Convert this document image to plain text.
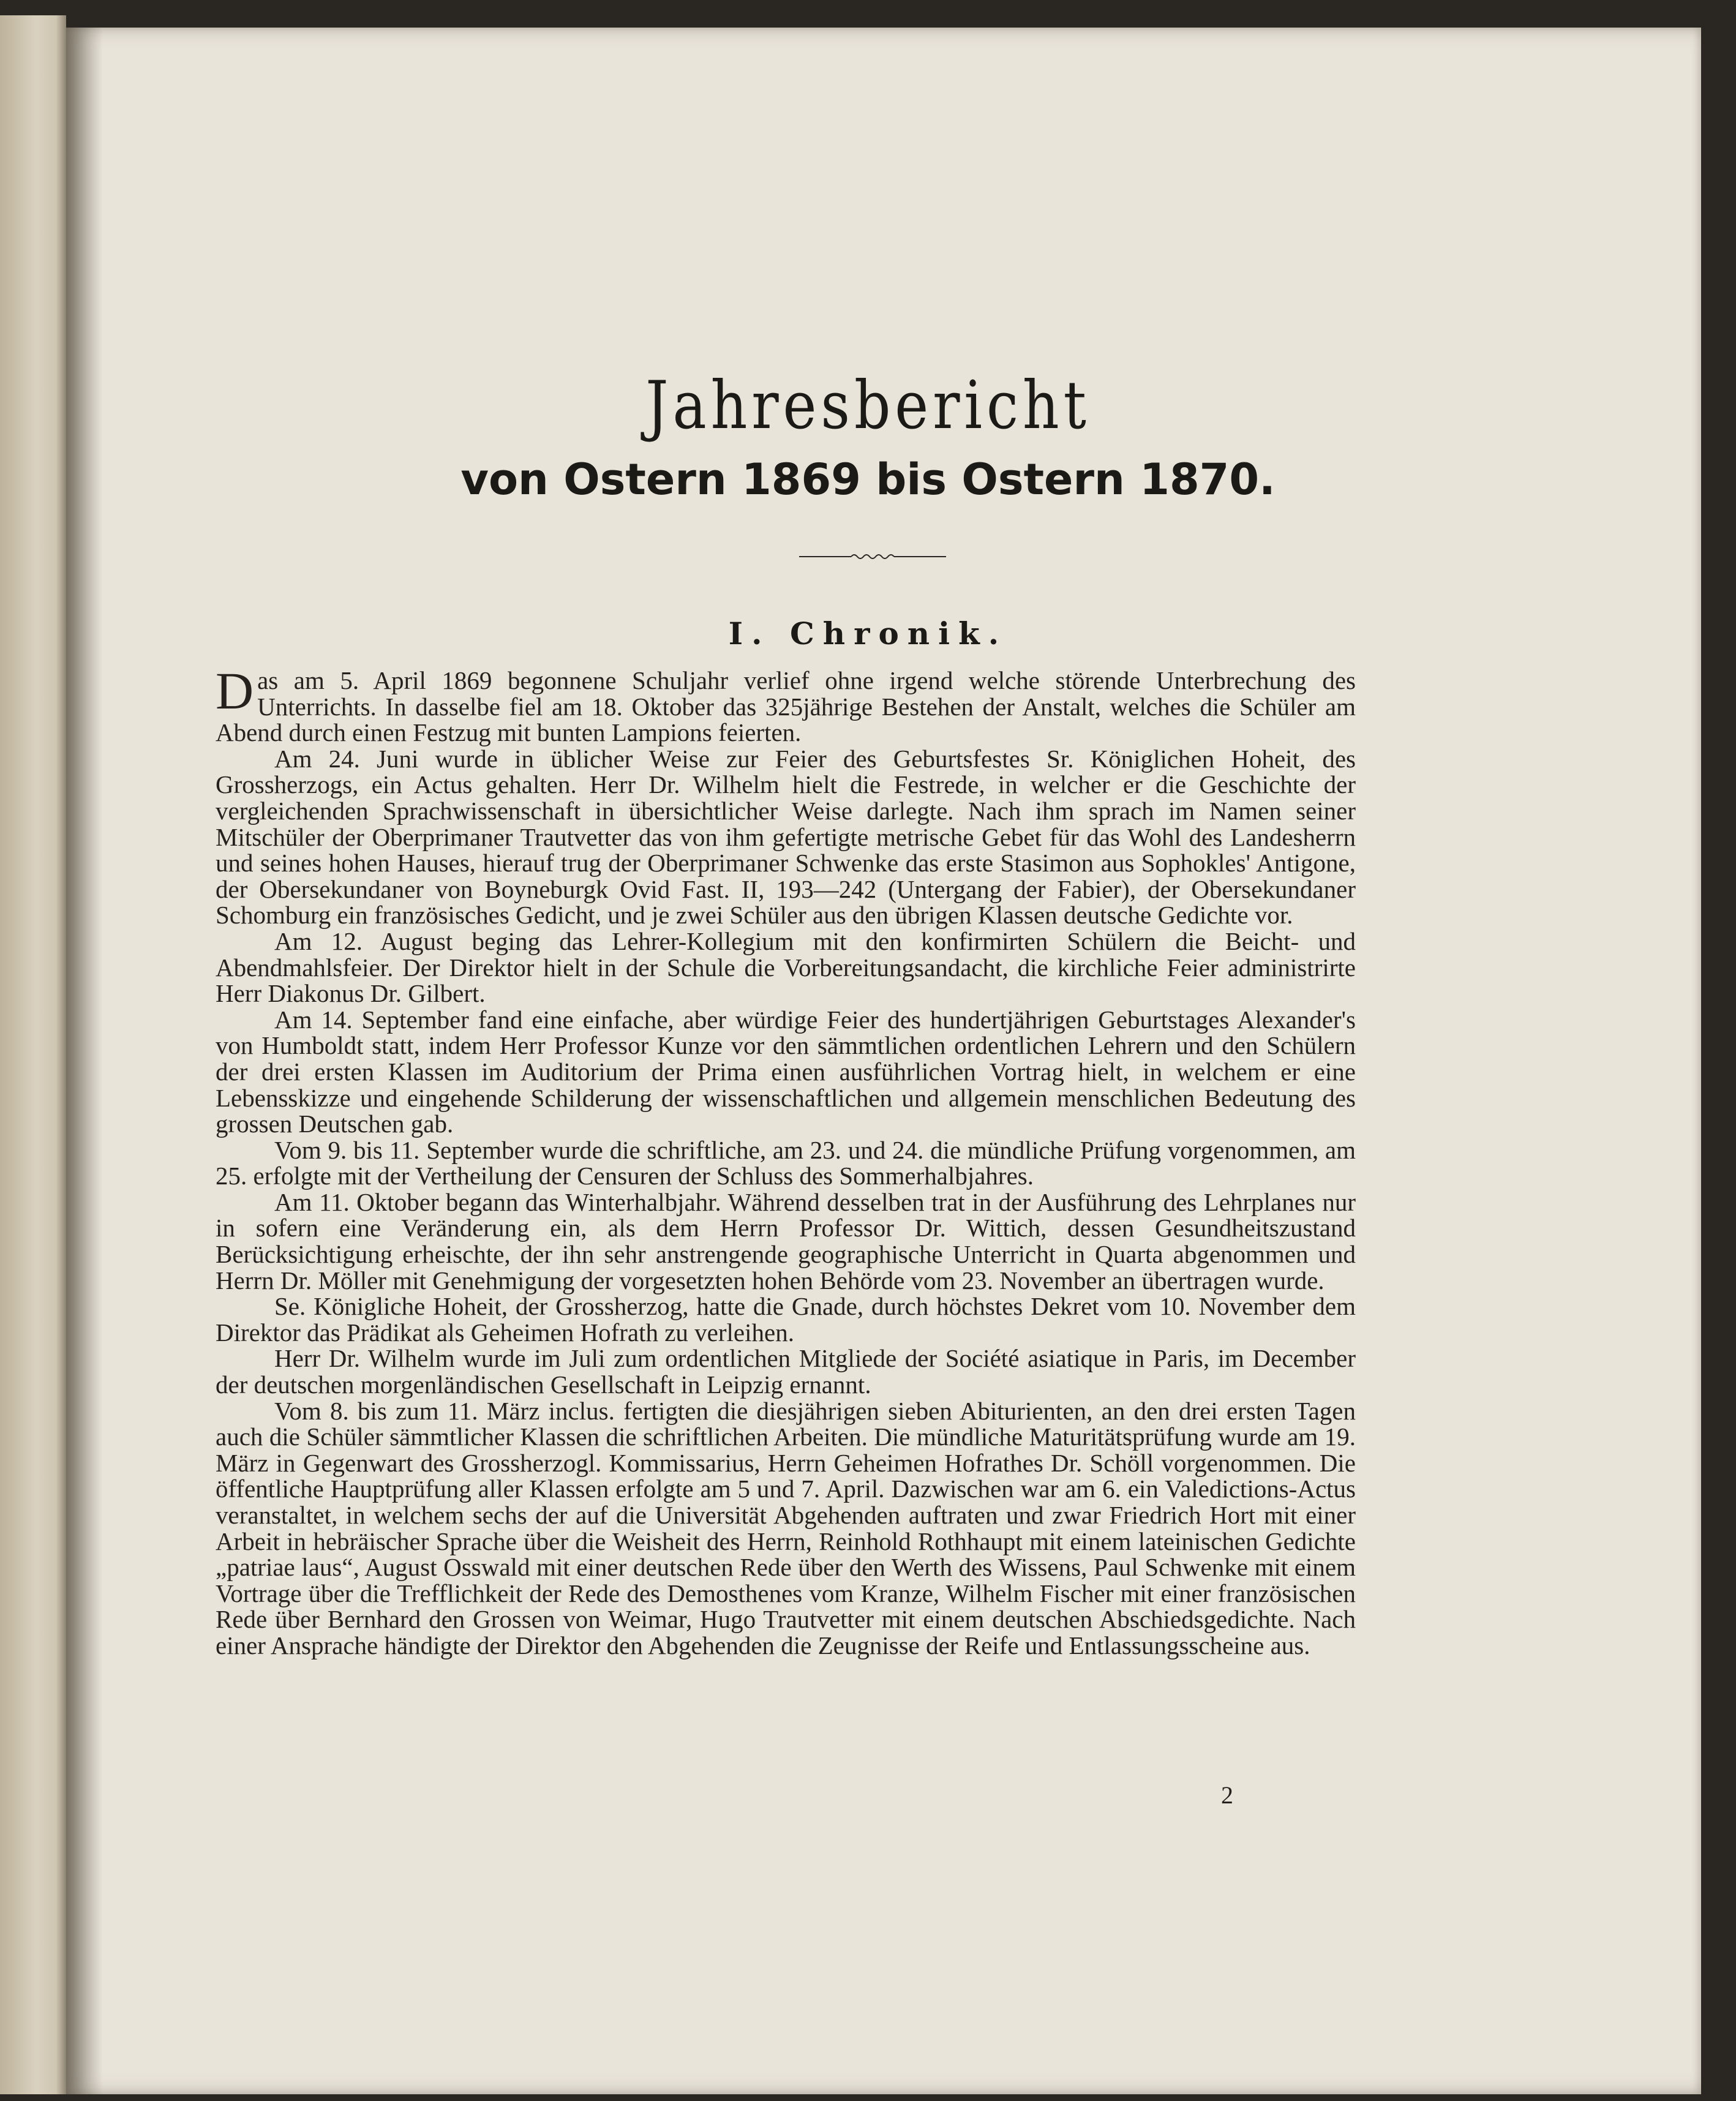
Jahresbericht
von Ostern 1869 bis Ostern 1870.
I. Chronik.

Das am 5. April 1869 begonnene Schuljahr verlief ohne irgend welche störende Unterbrechung des Unterrichts. In dasselbe fiel am 18. Oktober das 325jährige Bestehen der Anstalt, welches die Schüler am Abend durch einen Festzug mit bunten Lampions feierten.

Am 24. Juni wurde in üblicher Weise zur Feier des Geburtsfestes Sr. Königlichen Hoheit, des Grossherzogs, ein Actus gehalten. Herr Dr. Wilhelm hielt die Festrede, in welcher er die Geschichte der vergleichenden Sprachwissenschaft in übersichtlicher Weise darlegte. Nach ihm sprach im Namen seiner Mitschüler der Oberprimaner Trautvetter das von ihm gefertigte metrische Gebet für das Wohl des Landesherrn und seines hohen Hauses, hierauf trug der Oberprimaner Schwenke das erste Stasimon aus Sophokles' Antigone, der Obersekundaner von Boyneburgk Ovid Fast. II, 193—242 (Untergang der Fabier), der Obersekundaner Schomburg ein französisches Gedicht, und je zwei Schüler aus den übrigen Klassen deutsche Gedichte vor.

Am 12. August beging das Lehrer-Kollegium mit den konfirmirten Schülern die Beicht- und Abendmahlsfeier. Der Direktor hielt in der Schule die Vorbereitungsandacht, die kirchliche Feier administrirte Herr Diakonus Dr. Gilbert.

Am 14. September fand eine einfache, aber würdige Feier des hundertjährigen Geburtstages Alexander's von Humboldt statt, indem Herr Professor Kunze vor den sämmtlichen ordentlichen Lehrern und den Schülern der drei ersten Klassen im Auditorium der Prima einen ausführlichen Vortrag hielt, in welchem er eine Lebensskizze und eingehende Schilderung der wissenschaftlichen und allgemein menschlichen Bedeutung des grossen Deutschen gab.

Vom 9. bis 11. September wurde die schriftliche, am 23. und 24. die mündliche Prüfung vorgenommen, am 25. erfolgte mit der Vertheilung der Censuren der Schluss des Sommerhalbjahres.

Am 11. Oktober begann das Winterhalbjahr. Während desselben trat in der Ausführung des Lehrplanes nur in sofern eine Veränderung ein, als dem Herrn Professor Dr. Wittich, dessen Gesundheitszustand Berücksichtigung erheischte, der ihn sehr anstrengende geographische Unterricht in Quarta abgenommen und Herrn Dr. Möller mit Genehmigung der vorgesetzten hohen Behörde vom 23. November an übertragen wurde.

Se. Königliche Hoheit, der Grossherzog, hatte die Gnade, durch höchstes Dekret vom 10. November dem Direktor das Prädikat als Geheimen Hofrath zu verleihen.

Herr Dr. Wilhelm wurde im Juli zum ordentlichen Mitgliede der Société asiatique in Paris, im December der deutschen morgenländischen Gesellschaft in Leipzig ernannt.

Vom 8. bis zum 11. März inclus. fertigten die diesjährigen sieben Abiturienten, an den drei ersten Tagen auch die Schüler sämmtlicher Klassen die schriftlichen Arbeiten. Die mündliche Maturitätsprüfung wurde am 19. März in Gegenwart des Grossherzogl. Kommissarius, Herrn Geheimen Hofrathes Dr. Schöll vorgenommen. Die öffentliche Hauptprüfung aller Klassen erfolgte am 5 und 7. April. Dazwischen war am 6. ein Valedictions-Actus veranstaltet, in welchem sechs der auf die Universität Abgehenden auftraten und zwar Friedrich Hort mit einer Arbeit in hebräischer Sprache über die Weisheit des Herrn, Reinhold Rothhaupt mit einem lateinischen Gedichte „patriae laus“, August Osswald mit einer deutschen Rede über den Werth des Wissens, Paul Schwenke mit einem Vortrage über die Trefflichkeit der Rede des Demosthenes vom Kranze, Wilhelm Fischer mit einer französischen Rede über Bernhard den Grossen von Weimar, Hugo Trautvetter mit einem deutschen Abschiedsgedichte. Nach einer Ansprache händigte der Direktor den Abgehenden die Zeugnisse der Reife und Entlassungsscheine aus.

2
